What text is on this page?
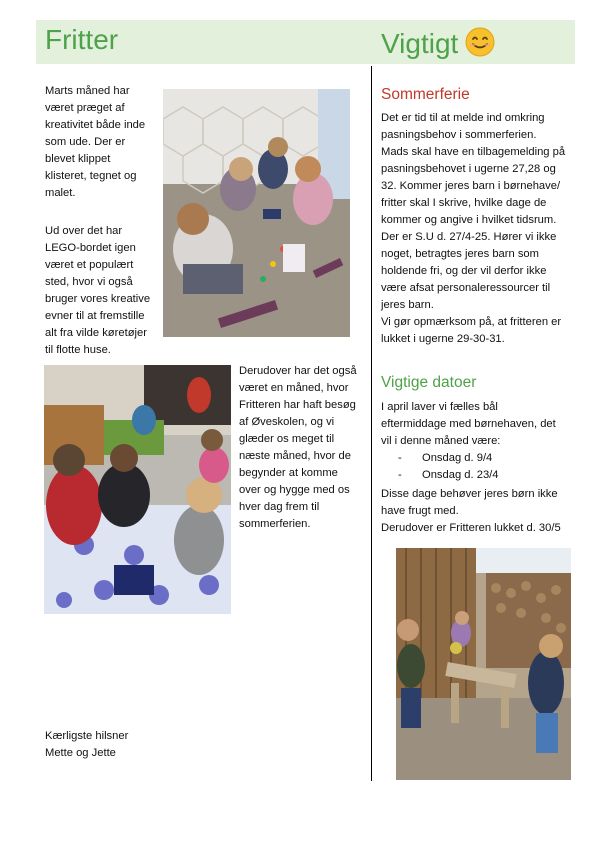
Fritter	Vigtigt

Marts måned har
været præget af
kreativitet både inde
som ude. Der er
blevet klippet
klisteret, tegnet og
malet.

Ud over det har
LEGO-bordet igen
været et populært
sted, hvor vi også
bruger vores kreative
evner til at fremstille
alt fra vilde køretøjer
til flotte huse.

Derudover har det også
været en måned, hvor
Fritteren har haft besøg
af Øveskolen, og vi
glæder os meget til
næste måned, hvor de
begynder at komme
over og hygge med os
hver dag frem til
sommerferien.

Kærligste hilsner
Mette og Jette

Sommerferie

Det er tid til at melde ind omkring
pasningsbehov i sommerferien.
Mads skal have en tilbagemelding på
pasningsbehovet i ugerne 27,28 og
32. Kommer jeres barn i børnehave/
fritter skal I skrive, hvilke dage de
kommer og angive i hvilket tidsrum.
Der er S.U d. 27/4-25. Hører vi ikke
noget, betragtes jeres barn som
holdende fri, og der vil derfor ikke
være afsat personaleressourcer til
jeres barn.
Vi gør opmærksom på, at fritteren er
lukket i ugerne 29-30-31.

Vigtige datoer

I april laver vi fælles bål
eftermiddage med børnehaven, det
vil i denne måned være:

-	Onsdag d. 9/4
-	Onsdag d. 23/4

Disse dage behøver jeres børn ikke
have frugt med.
Derudover er Fritteren lukket d. 30/5
